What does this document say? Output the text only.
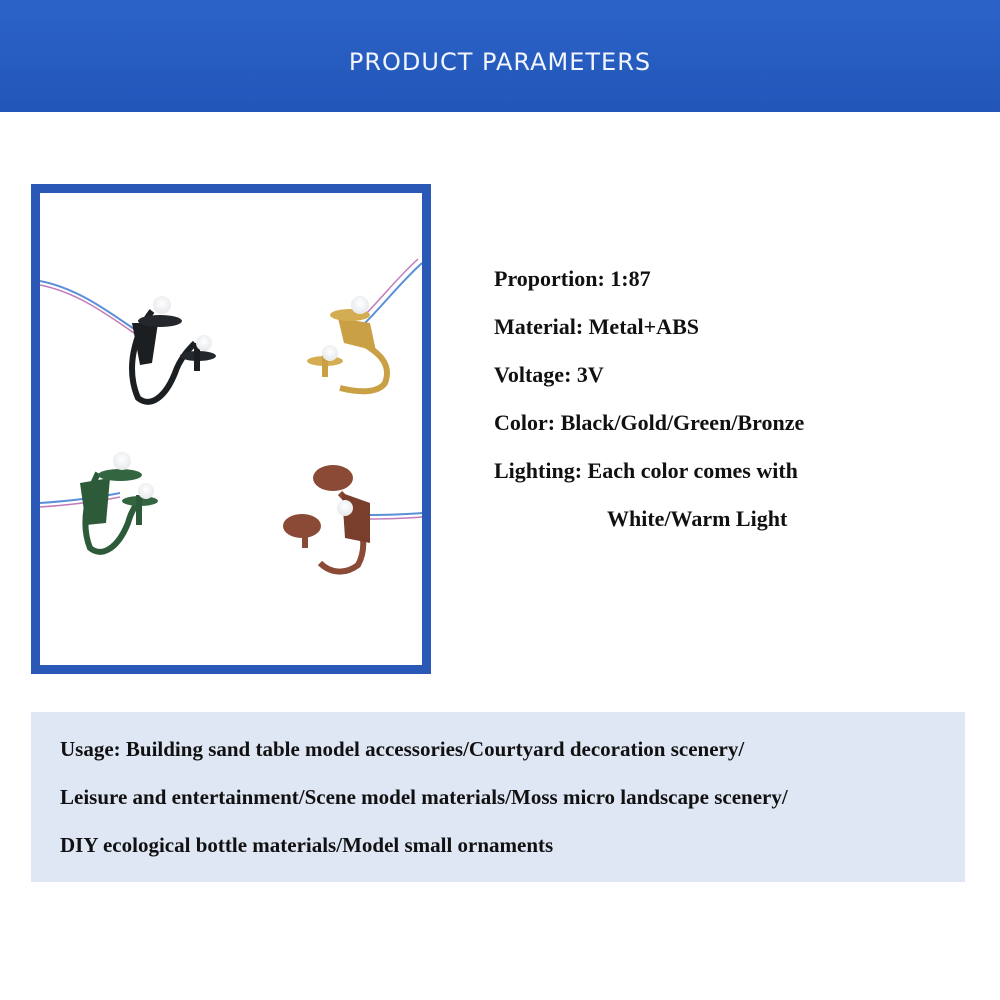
PRODUCT PARAMETERS
Proportion: 1:87
Material: Metal+ABS
Voltage: 3V
Color: Black/Gold/Green/Bronze
Lighting: Each color comes with
White/Warm Light
Usage: Building sand table model accessories/Courtyard decoration scenery/
Leisure and entertainment/Scene model materials/Moss micro landscape scenery/
DIY ecological bottle materials/Model small ornaments
